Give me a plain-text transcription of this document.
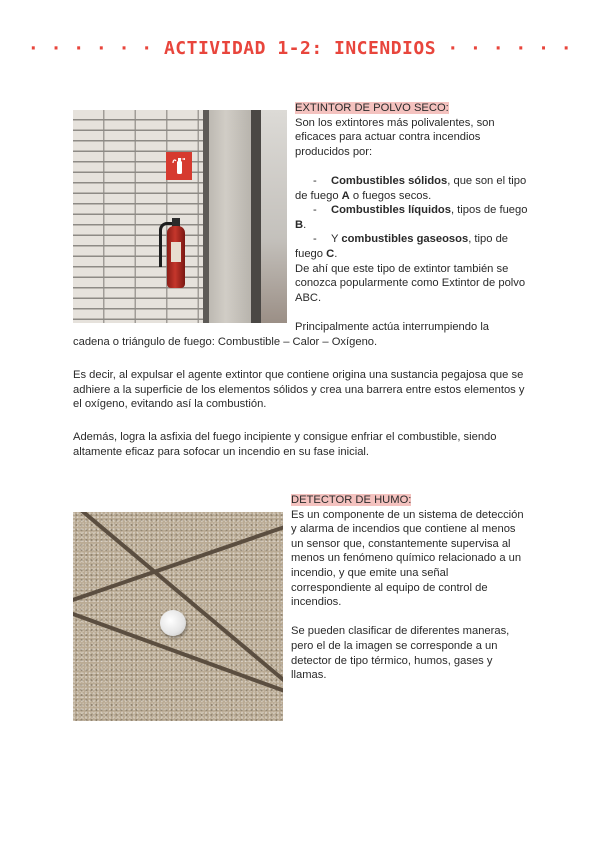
· · · · · · ACTIVIDAD 1-2: INCENDIOS · · · · · ·
EXTINTOR DE POLVO SECO:
Son los extintores más polivalentes, son
eficaces para actuar contra incendios
producidos por:
- Combustibles sólidos, que son el tipo
de fuego A o fuegos secos.
- Combustibles líquidos, tipos de fuego
B.
- Y combustibles gaseosos, tipo de
fuego C.
De ahí que este tipo de extintor también se
conozca popularmente como Extintor de polvo
ABC.
Principalmente actúa interrumpiendo la
cadena o triángulo de fuego: Combustible – Calor – Oxígeno.
Es decir, al expulsar el agente extintor que contiene origina una sustancia pegajosa que se
adhiere a la superficie de los elementos sólidos y crea una barrera entre estos elementos y
el oxígeno, evitando así la combustión.
Además, logra la asfixia del fuego incipiente y consigue enfriar el combustible, siendo
altamente eficaz para sofocar un incendio en su fase inicial.
DETECTOR DE HUMO:
Es un componente de un sistema de detección
y alarma de incendios que contiene al menos
un sensor que, constantemente supervisa al
menos un fenómeno químico relacionado a un
incendio, y que emite una señal
correspondiente al equipo de control de
incendios.
Se pueden clasificar de diferentes maneras,
pero el de la imagen se corresponde a un
detector de tipo térmico, humos, gases y
llamas.
